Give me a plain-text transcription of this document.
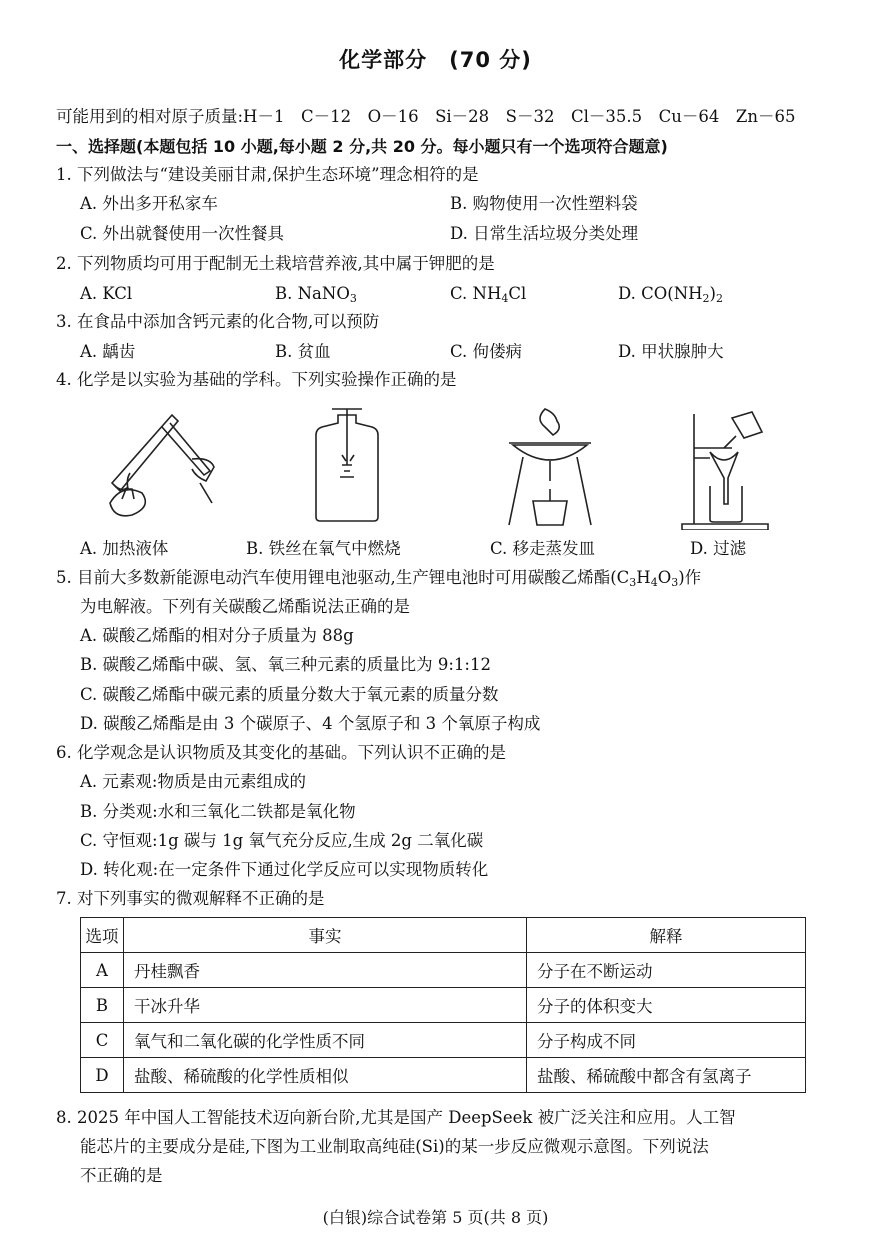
化学部分　(70 分)
可能用到的相对原子质量:H－1　C－12　O－16　Si－28　S－32　Cl－35.5　Cu－64　Zn－65
一、选择题(本题包括 10 小题,每小题 2 分,共 20 分。每小题只有一个选项符合题意)
1. 下列做法与“建设美丽甘肃,保护生态环境”理念相符的是
A. 外出多开私家车	B. 购物使用一次性塑料袋
C. 外出就餐使用一次性餐具	D. 日常生活垃圾分类处理
2. 下列物质均可用于配制无土栽培营养液,其中属于钾肥的是
A. KCl	B. NaNO$_3$	C. $NH_4Cl$	D. $CO(NH_2)_2$
3. 在食品中添加含钙元素的化合物,可以预防
A. 龋齿	B. 贫血	C. 佝偻病	D. 甲状腺肿大
4. 化学是以实验为基础的学科。下列实验操作正确的是
A. 加热液体	B. 铁丝在氧气中燃烧	C. 移走蒸发皿	D. 过滤
5. 目前大多数新能源电动汽车使用锂电池驱动,生产锂电池时可用碳酸乙烯酯$(C_3H_4O_3)$作
为电解液。下列有关碳酸乙烯酯说法正确的是
A. 碳酸乙烯酯的相对分子质量为 88g
B. 碳酸乙烯酯中碳、氢、氧三种元素的质量比为 9:1:12
C. 碳酸乙烯酯中碳元素的质量分数大于氧元素的质量分数
D. 碳酸乙烯酯是由 3 个碳原子、4 个氢原子和 3 个氧原子构成
6. 化学观念是认识物质及其变化的基础。下列认识不正确的是
A. 元素观:物质是由元素组成的
B. 分类观:水和三氧化二铁都是氧化物
C. 守恒观:1g 碳与 1g 氧气充分反应,生成 2g 二氧化碳
D. 转化观:在一定条件下通过化学反应可以实现物质转化
7. 对下列事实的微观解释不正确的是
选项	事实	解释
A	丹桂飘香	分子在不断运动
B	干冰升华	分子的体积变大
C	氧气和二氧化碳的化学性质不同	分子构成不同
D	盐酸、稀硫酸的化学性质相似	盐酸、稀硫酸中都含有氢离子
8. 2025 年中国人工智能技术迈向新台阶,尤其是国产 DeepSeek 被广泛关注和应用。人工智
能芯片的主要成分是硅,下图为工业制取高纯硅(Si)的某一步反应微观示意图。下列说法
不正确的是
(白银)综合试卷第 5 页(共 8 页)
